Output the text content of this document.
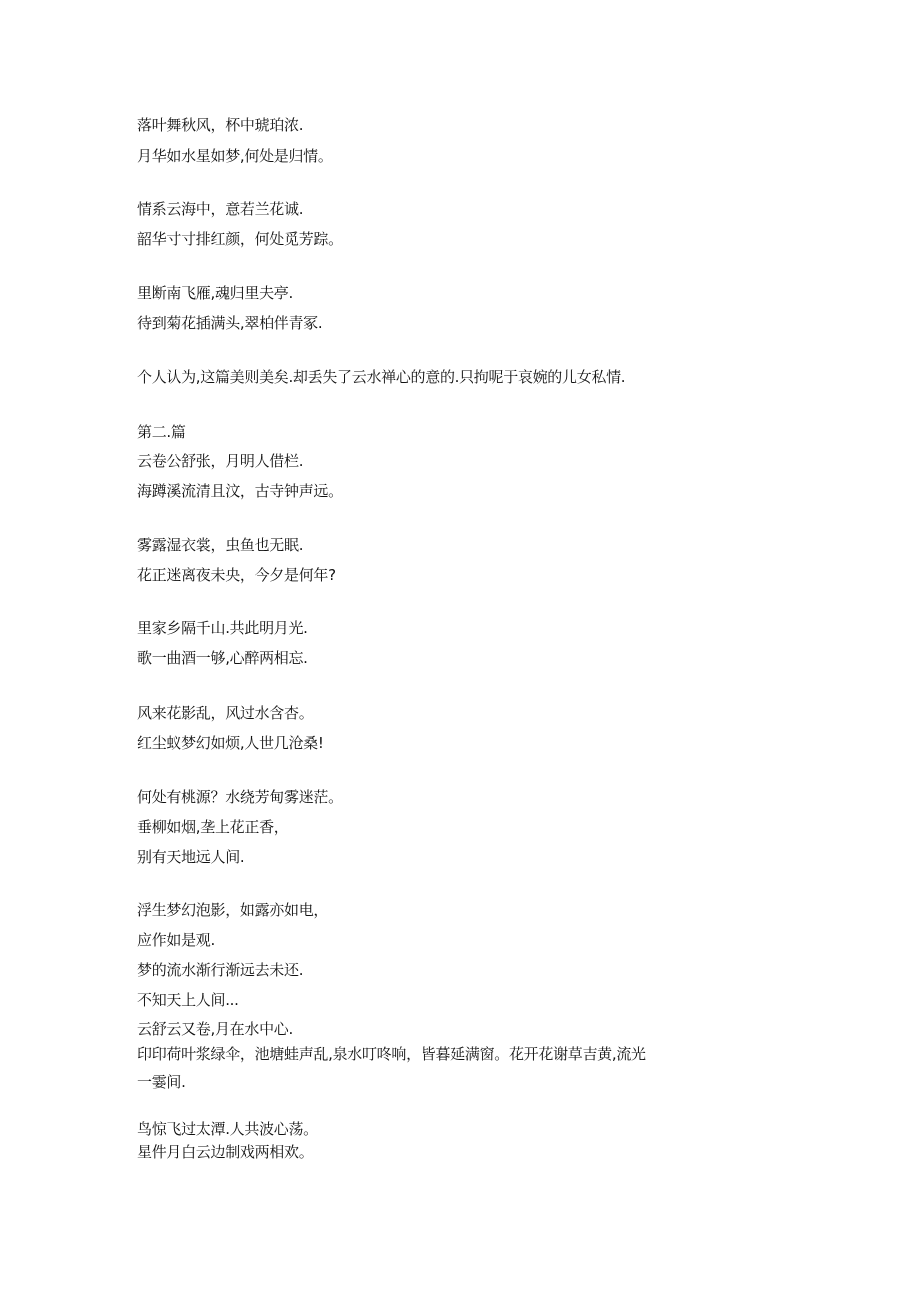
落叶舞秋风，杯中琥珀浓.

月华如水星如梦,何处是归情。

情系云海中，意若兰花诚.

韶华寸寸排红颜，何处觅芳踪。

里断南飞雁,魂归里夫亭.

待到菊花插满头,翠柏伴青冢.

个人认为,这篇美则美矣.却丢失了云水禅心的意的.只拘呢于哀婉的儿女私情.

第二.篇

云卷公舒张，月明人借栏.

海蹲溪流清且汶，古寺钟声远。

雾露湿衣裳，虫鱼也无眠.

花正迷离夜未央，今夕是何年?

里家乡隔千山.共此明月光.

歌一曲酒一够,心醉两相忘.

风来花影乱，风过水含杏。

红尘蚁梦幻如烦,人世几沧桑!

何处有桃源？水绕芳甸雾迷茫。

垂柳如烟,垄上花正香，

别有天地远人间.

浮生梦幻泡影，如露亦如电，

应作如是观.

梦的流水渐行渐远去未还.

不知天上人间...

云舒云又卷,月在水中心.

印印荷叶浆绿伞，池塘蛙声乱,泉水叮咚响，皆暮延满窗。花开花谢草吉黄,流光

一霎间.

鸟惊飞过太潭.人共波心荡。

星件月白云边制戏两相欢。
